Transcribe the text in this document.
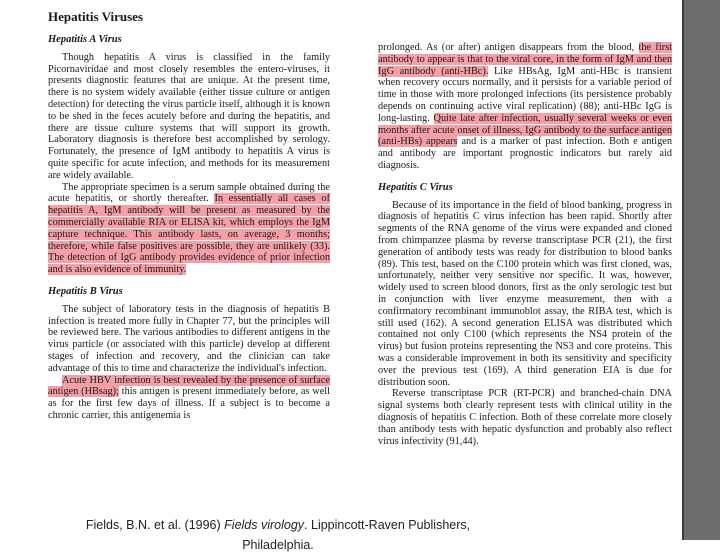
Hepatitis Viruses
Hepatitis A Virus

Though hepatitis A virus is classified in the family Picornaviridae and most closely resembles the entero-viruses, it presents diagnostic features that are unique. At the present time, there is no system widely available (either tissue culture or antigen detection) for detecting the virus particle itself, although it is known to be shed in the feces acutely before and during the hepatitis, and there are tissue culture systems that will support its growth. Laboratory diagnosis is therefore best accomplished by serology. Fortunately, the presence of IgM antibody to hepatitis A virus is quite specific for acute infection, and methods for its measurement are widely available.

The appropriate specimen is a serum sample obtained during the acute hepatitis, or shortly thereafter. In essentially all cases of hepatitis A, IgM antibody will be present as measured by the commercially available RIA or ELISA kit, which employs the IgM capture technique. This antibody lasts, on average, 3 months; therefore, while false positives are possible, they are unlikely (33). The detection of IgG antibody provides evidence of prior infection and is also evidence of immunity.

Hepatitis B Virus

The subject of laboratory tests in the diagnosis of hepatitis B infection is treated more fully in Chapter 77, but the principles will be reviewed here. The various antibodies to different antigens in the virus particle (or associated with this particle) develop at different stages of infection and recovery, and the clinician can take advantage of this to time and characterize the individual's infection.

Acute HBV infection is best revealed by the presence of surface antigen (HBsag); this antigen is present immediately before, as well as for the first few days of illness. If a subject is to become a chronic carrier, this antigenemia is

prolonged. As (or after) antigen disappears from the blood, the first antibody to appear is that to the viral core, in the form of IgM and then IgG antibody (anti-HBc). Like HBsAg, IgM anti-HBc is transient when recovery occurs normally, and it persists for a variable period of time in those with more prolonged infections (its persistence probably depends on continuing active viral replication) (88); anti-HBc IgG is long-lasting. Quite late after infection, usually several weeks or even months after acute onset of illness, IgG antibody to the surface antigen (anti-HBs) appears and is a marker of past infection. Both e antigen and antibody are important prognostic indicators but rarely aid diagnosis.

Hepatitis C Virus

Because of its importance in the field of blood banking, progress in diagnosis of hepatitis C virus infection has been rapid. Shortly after segments of the RNA genome of the virus were expanded and cloned from chimpanzee plasma by reverse transcriptase PCR (21), the first generation of antibody tests was ready for distribution to blood banks (89). This test, based on the C100 protein which was first cloned, was, unfortunately, neither very sensitive nor specific. It was, however, widely used to screen blood donors, first as the only serologic test but in conjunction with liver enzyme measurement, then with a confirmatory recombinant immunoblot assay, the RIBA test, which is still used (162). A second generation ELISA was distributed which contained not only C100 (which represents the NS4 protein of the virus) but fusion proteins representing the NS3 and core proteins. This was a considerable improvement in both its sensitivity and specificity over the previous test (169). A third generation EIA is due for distribution soon.

Reverse transcriptase PCR (RT-PCR) and branched-chain DNA signal systems both clearly represent tests with clinical utility in the diagnosis of hepatitis C infection. Both of these correlate more closely than antibody tests with hepatic dysfunction and probably also reflect virus infectivity (91,44).

Fields, B.N. et al. (1996) Fields virology. Lippincott-Raven Publishers,
Philadelphia.
